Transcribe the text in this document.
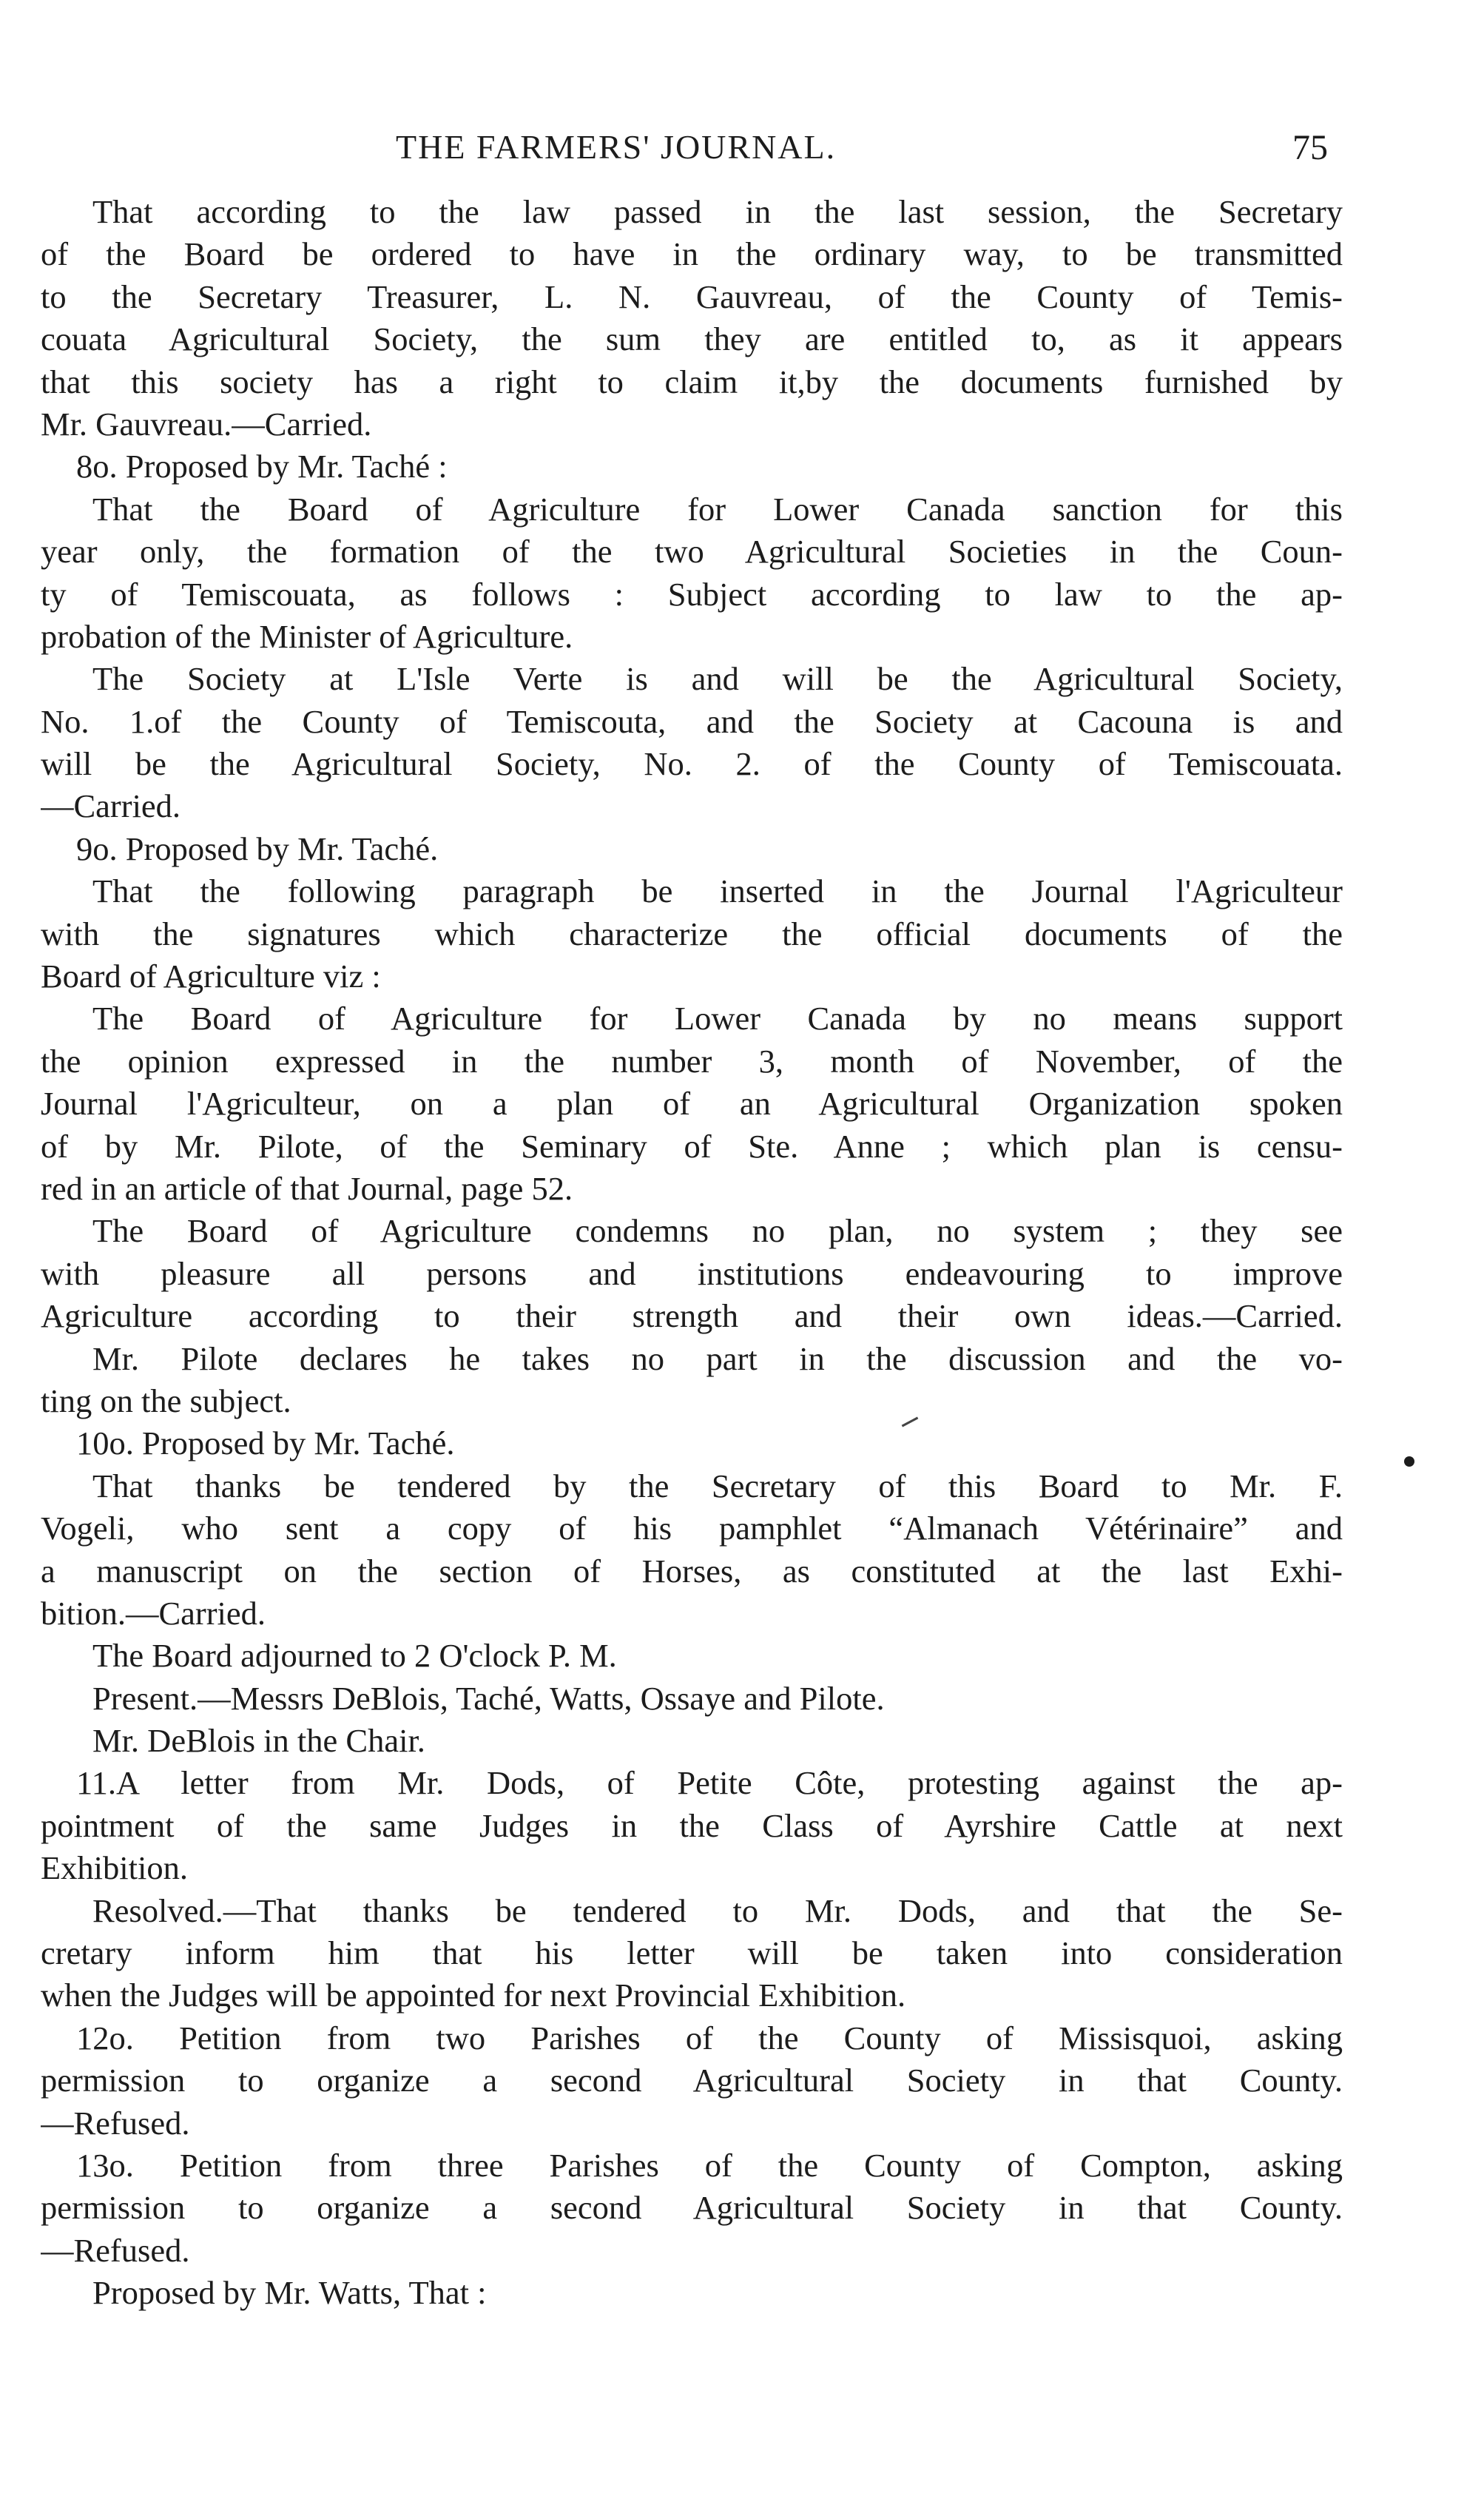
THE FARMERS' JOURNAL.	75
That according to the law passed in the last session, the Secretary
of the Board be ordered to have in the ordinary way, to be transmitted
to the Secretary Treasurer, L. N. Gauvreau, of the County of Temis-
couata Agricultural Society, the sum they are entitled to, as it appears
that this society has a right to claim it,by the documents furnished by
Mr. Gauvreau.—Carried.
8o. Proposed by Mr. Taché :
That the Board of Agriculture for Lower Canada sanction for this
year only, the formation of the two Agricultural Societies in the Coun-
ty of Temiscouata, as follows : Subject according to law to the ap-
probation of the Minister of Agriculture.
The Society at L'Isle Verte is and will be the Agricultural Society,
No. 1.of the County of Temiscouta, and the Society at Cacouna is and
will be the Agricultural Society, No. 2. of the County of Temiscouata.
—Carried.
9o. Proposed by Mr. Taché.
That the following paragraph be inserted in the Journal l'Agriculteur
with the signatures which characterize the official documents of the
Board of Agriculture viz :
The Board of Agriculture for Lower Canada by no means support
the opinion expressed in the number 3, month of November, of the
Journal l'Agriculteur, on a plan of an Agricultural Organization spoken
of by Mr. Pilote, of the Seminary of Ste. Anne ; which plan is censu-
red in an article of that Journal, page 52.
The Board of Agriculture condemns no plan, no system ; they see
with pleasure all persons and institutions endeavouring to improve
Agriculture according to their strength and their own ideas.—Carried.
Mr. Pilote declares he takes no part in the discussion and the vo-
ting on the subject.
10o. Proposed by Mr. Taché.
That thanks be tendered by the Secretary of this Board to Mr. F.
Vogeli, who sent a copy of his pamphlet “Almanach Vétérinaire” and
a manuscript on the section of Horses, as constituted at the last Exhi-
bition.—Carried.
The Board adjourned to 2 O'clock P. M.
Present.—Messrs DeBlois, Taché, Watts, Ossaye and Pilote.
Mr. DeBlois in the Chair.
11.A letter from Mr. Dods, of Petite Côte, protesting against the ap-
pointment of the same Judges in the Class of Ayrshire Cattle at next
Exhibition.
Resolved.—That thanks be tendered to Mr. Dods, and that the Se-
cretary inform him that his letter will be taken into consideration
when the Judges will be appointed for next Provincial Exhibition.
12o. Petition from two Parishes of the County of Missisquoi, asking
permission to organize a second Agricultural Society in that County.
—Refused.
13o. Petition from three Parishes of the County of Compton, asking
permission to organize a second Agricultural Society in that County.
—Refused.
Proposed by Mr. Watts, That :
